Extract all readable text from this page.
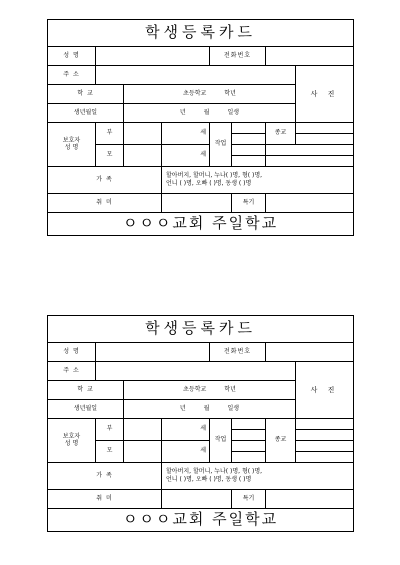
학생등록카드							
성 명				전화번호			
주 소							사 진
학 교		초등학교 학년					
생년월일		년 월 일생					

보호자
성 명	부		세	작업		종교	

	모		세				

가 족			할아버지, 할머니, 누나( )명, 형( )명,
언니 ( )명, 오빠 ( )명, 동생 ( )명				

취 미					특기		
ㅇㅇㅇ교회 주일학교							
학생등록카드							
성 명				전화번호			
주 소							사 진
학 교		초등학교 학년					
생년월일		년 월 일생					

보호자
성 명	부		세	작업		종교	

	모		세				

가 족			할아버지, 할머니, 누나( )명, 형( )명,
언니 ( )명, 오빠 ( )명, 동생 ( )명				

취 미					특기		
ㅇㅇㅇ교회 주일학교							
